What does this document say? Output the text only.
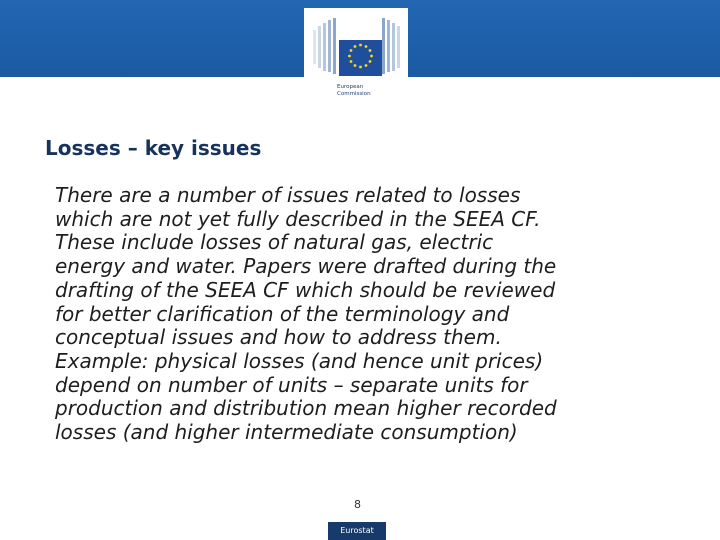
European
Commission
Losses – key issues

There are a number of issues related to losses

which are not yet fully described in the SEEA CF.

These include losses of natural gas, electric

energy and water. Papers were drafted during the

drafting of the SEEA CF which should be reviewed

for better clarification of the terminology and

conceptual issues and how to address them.

Example: physical losses (and hence unit prices)

depend on number of units – separate units for

production and distribution mean higher recorded

losses (and higher intermediate consumption)

8
Eurostat
